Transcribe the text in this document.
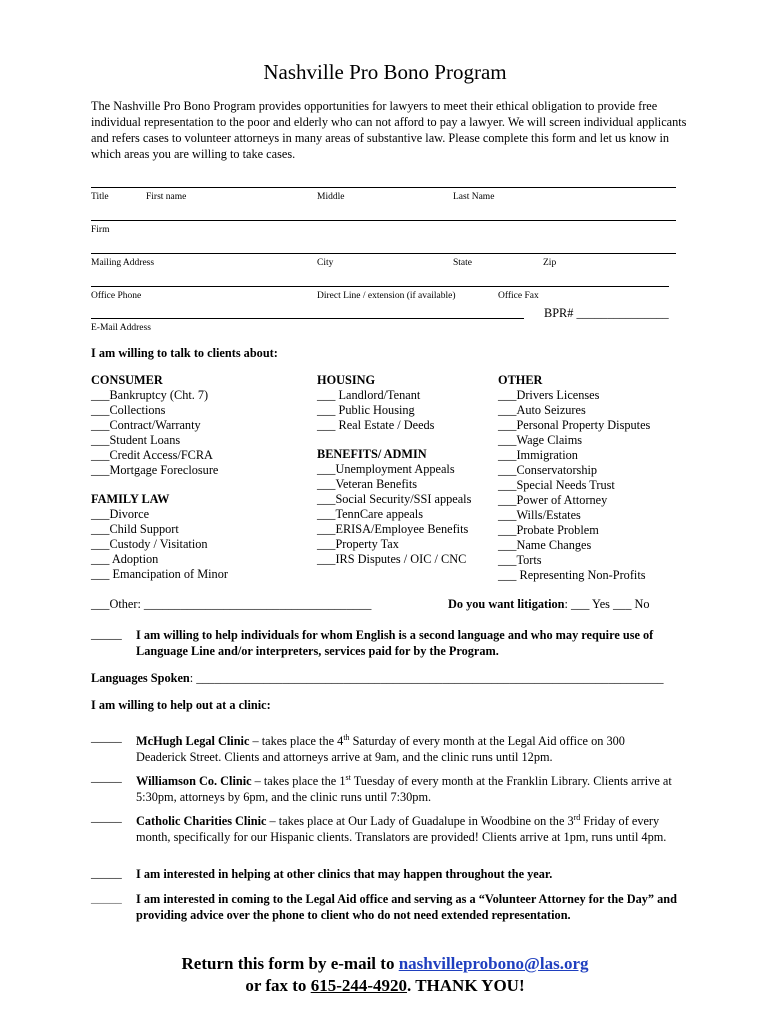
Nashville Pro Bono Program
The Nashville Pro Bono Program provides opportunities for lawyers to meet their ethical obligation to provide free individual representation to the poor and elderly who can not afford to pay a lawyer. We will screen individual applicants and refers cases to volunteer attorneys in many areas of substantive law. Please complete this form and let us know in which areas you are willing to take cases.
Title	First name	Middle	Last Name
Firm
Mailing Address	City	State	Zip
Office Phone	Direct Line / extension (if available)	Office Fax
BPR# _______________
E-Mail Address
I am willing to talk to clients about:
CONSUMER
___Bankruptcy (Cht. 7)
___Collections
___Contract/Warranty
___Student Loans
___Credit Access/FCRA
___Mortgage Foreclosure
FAMILY LAW
___Divorce
___Child Support
___Custody / Visitation
___ Adoption
___ Emancipation of Minor
HOUSING
___ Landlord/Tenant
___ Public Housing
___ Real Estate / Deeds
BENEFITS/ ADMIN
___Unemployment Appeals
___Veteran Benefits
___Social Security/SSI appeals
___TennCare appeals
___ERISA/Employee Benefits
___Property Tax
___IRS Disputes / OIC / CNC
OTHER
___Drivers Licenses
___Auto Seizures
___Personal Property Disputes
___Wage Claims
___Immigration
___Conservatorship
___Special Needs Trust
___Power of Attorney
___Wills/Estates
___Probate Problem
___Name Changes
___Torts
___ Representing Non-Profits
___Other: _____________________________________	Do you want litigation: ___ Yes ___ No
_____ I am willing to help individuals for whom English is a second language and who may require use of Language Line and/or interpreters, services paid for by the Program.
Languages Spoken: ____________________________________________________________________________
I am willing to help out at a clinic:
_____ McHugh Legal Clinic – takes place the 4th Saturday of every month at the Legal Aid office on 300 Deaderick Street. Clients and attorneys arrive at 9am, and the clinic runs until 12pm.
_____ Williamson Co. Clinic – takes place the 1st Tuesday of every month at the Franklin Library. Clients arrive at 5:30pm, attorneys by 6pm, and the clinic runs until 7:30pm.
_____ Catholic Charities Clinic – takes place at Our Lady of Guadalupe in Woodbine on the 3rd Friday of every month, specifically for our Hispanic clients. Translators are provided! Clients arrive at 1pm, runs until 4pm.
_____ I am interested in helping at other clinics that may happen throughout the year.
_____ I am interested in coming to the Legal Aid office and serving as a “Volunteer Attorney for the Day” and providing advice over the phone to client who do not need extended representation.
Return this form by e-mail to nashvilleprobono@las.org
or fax to 615-244-4920. THANK YOU!
